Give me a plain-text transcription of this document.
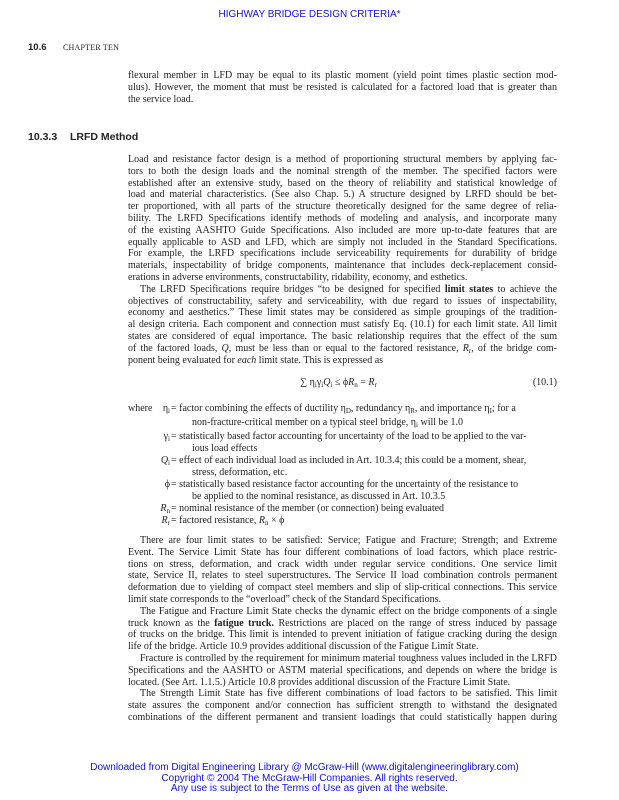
HIGHWAY BRIDGE DESIGN CRITERIA*
10.6 CHAPTER TEN
flexural member in LFD may be equal to its plastic moment (yield point times plastic section mod-
ulus). However, the moment that must be resisted is calculated for a factored load that is greater than
the service load.
10.3.3 LRFD Method
Load and resistance factor design is a method of proportioning structural members by applying fac-
tors to both the design loads and the nominal strength of the member. The specified factors were
established after an extensive study, based on the theory of reliability and statistical knowledge of
load and material characteristics. (See also Chap. 5.) A structure designed by LRFD should be bet-
ter proportioned, with all parts of the structure theoretically designed for the same degree of relia-
bility. The LRFD Specifications identify methods of modeling and analysis, and incorporate many
of the existing AASHTO Guide Specifications. Also included are more up-to-date features that are
equally applicable to ASD and LFD, which are simply not included in the Standard Specifications.
For example, the LRFD specifications include serviceability requirements for durability of bridge
materials, inspectability of bridge components, maintenance that includes deck-replacement consid-
erations in adverse environments, constructability, ridability, economy, and esthetics.
The LRFD Specifications require bridges “to be designed for specified limit states to achieve the
objectives of constructability, safety and serviceability, with due regard to issues of inspectability,
economy and aesthetics.” These limit states may be considered as simple groupings of the tradition-
al design criteria. Each component and connection must satisfy Eq. (10.1) for each limit state. All limit
states are considered of equal importance. The basic relationship requires that the effect of the sum
of the factored loads, Q, must be less than or equal to the factored resistance, $R_r$, of the bridge com-
ponent being evaluated for each limit state. This is expressed as
∑ $\eta_i\gamma_iQ_i \le \phi R_n = R_r$	(10.1)
where	$\eta_i$ = factor combining the effects of ductility $\eta_D$, redundancy $\eta_R$, and importance $\eta_I$; for a
non-fracture-critical member on a typical steel bridge, $\eta_i$ will be 1.0
$\gamma_i$ = statistically based factor accounting for uncertainty of the load to be applied to the var-
ious load effects
$Q_i$ = effect of each individual load as included in Art. 10.3.4; this could be a moment, shear,
stress, deformation, etc.
ϕ = statistically based resistance factor accounting for the uncertainty of the resistance to
be applied to the nominal resistance, as discussed in Art. 10.3.5
$R_n$ = nominal resistance of the member (or connection) being evaluated
$R_r$ = factored resistance, $R_n \times \phi$
There are four limit states to be satisfied: Service; Fatigue and Fracture; Strength; and Extreme
Event. The Service Limit State has four different combinations of load factors, which place restric-
tions on stress, deformation, and crack width under regular service conditions. One service limit
state, Service II, relates to steel superstructures. The Service II load combination controls permanent
deformation due to yielding of compact steel members and slip of slip-critical connections. This service
limit state corresponds to the “overload” check of the Standard Specifications.
The Fatigue and Fracture Limit State checks the dynamic effect on the bridge components of a single
truck known as the fatigue truck. Restrictions are placed on the range of stress induced by passage
of trucks on the bridge. This limit is intended to prevent initiation of fatigue cracking during the design
life of the bridge. Article 10.9 provides additional discussion of the Fatigue Limit State.
Fracture is controlled by the requirement for minimum material toughness values included in the LRFD
Specifications and the AASHTO or ASTM material specifications, and depends on where the bridge is
located. (See Art. 1.1.5.) Article 10.8 provides additional discussion of the Fracture Limit State.
The Strength Limit State has five different combinations of load factors to be satisfied. This limit
state assures the component and/or connection has sufficient strength to withstand the designated
combinations of the different permanent and transient loadings that could statistically happen during
Downloaded from Digital Engineering Library @ McGraw-Hill (www.digitalengineeringlibrary.com)
Copyright © 2004 The McGraw-Hill Companies. All rights reserved.
Any use is subject to the Terms of Use as given at the website.
